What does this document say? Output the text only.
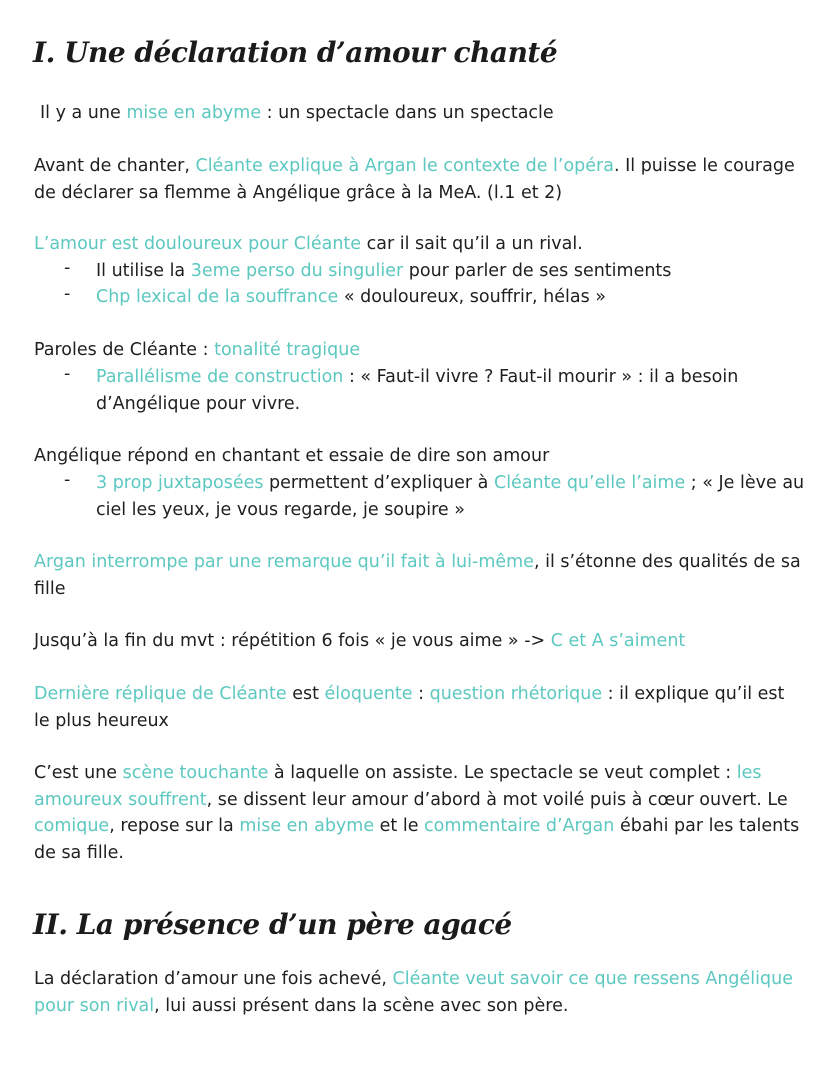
I. Une déclaration d’amour chanté
Il y a une mise en abyme : un spectacle dans un spectacle
Avant de chanter, Cléante explique à Argan le contexte de l’opéra. Il puisse le courage
de déclarer sa flemme à Angélique grâce à la MeA. (l.1 et 2)
L’amour est douloureux pour Cléante car il sait qu’il a un rival.
- Il utilise la 3eme perso du singulier pour parler de ses sentiments
- Chp lexical de la souffrance « douloureux, souffrir, hélas »
Paroles de Cléante : tonalité tragique
- Parallélisme de construction : « Faut-il vivre ? Faut-il mourir » : il a besoin
d’Angélique pour vivre.
Angélique répond en chantant et essaie de dire son amour
- 3 prop juxtaposées permettent d’expliquer à Cléante qu’elle l’aime ; « Je lève au
ciel les yeux, je vous regarde, je soupire »
Argan interrompe par une remarque qu’il fait à lui-même, il s’étonne des qualités de sa
fille
Jusqu’à la fin du mvt : répétition 6 fois « je vous aime » -> C et A s’aiment
Dernière réplique de Cléante est éloquente : question rhétorique : il explique qu’il est
le plus heureux
C’est une scène touchante à laquelle on assiste. Le spectacle se veut complet : les
amoureux souffrent, se dissent leur amour d’abord à mot voilé puis à cœur ouvert. Le
comique, repose sur la mise en abyme et le commentaire d’Argan ébahi par les talents
de sa fille.
II. La présence d’un père agacé
La déclaration d’amour une fois achevé, Cléante veut savoir ce que ressens Angélique
pour son rival, lui aussi présent dans la scène avec son père.
